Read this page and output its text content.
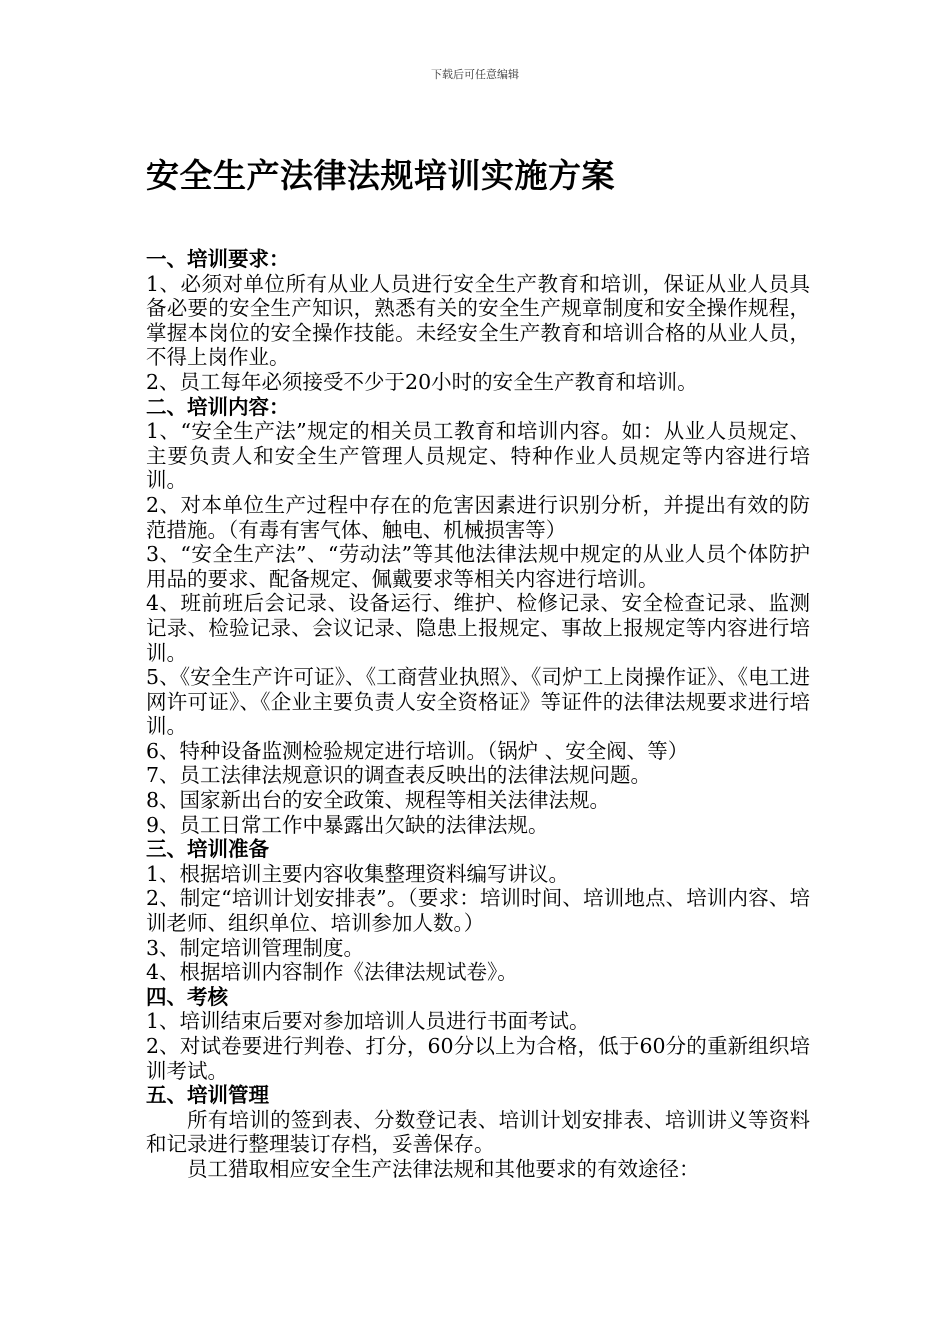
下载后可任意编辑
安全生产法律法规培训实施方案

一、培训要求：

1、必须对单位所有从业人员进行安全生产教育和培训，保证从业人员具备必要的安全生产知识，熟悉有关的安全生产规章制度和安全操作规程，掌握本岗位的安全操作技能。未经安全生产教育和培训合格的从业人员，不得上岗作业。

2、员工每年必须接受不少于20小时的安全生产教育和培训。

二、培训内容：

1、“安全生产法”规定的相关员工教育和培训内容。如：从业人员规定、主要负责人和安全生产管理人员规定、特种作业人员规定等内容进行培训。

2、对本单位生产过程中存在的危害因素进行识别分析，并提出有效的防范措施。（有毒有害气体、触电、机械损害等）

3、“安全生产法”、“劳动法”等其他法律法规中规定的从业人员个体防护用品的要求、配备规定、佩戴要求等相关内容进行培训。

4、班前班后会记录、设备运行、维护、检修记录、安全检查记录、监测记录、检验记录、会议记录、隐患上报规定、事故上报规定等内容进行培训。

5、《安全生产许可证》、《工商营业执照》、《司炉工上岗操作证》、《电工进网许可证》、《企业主要负责人安全资格证》等证件的法律法规要求进行培训。

6、特种设备监测检验规定进行培训。（锅炉 、安全阀、等）

7、员工法律法规意识的调查表反映出的法律法规问题。

8、国家新出台的安全政策、规程等相关法律法规。

9、员工日常工作中暴露出欠缺的法律法规。

三、培训准备

1、根据培训主要内容收集整理资料编写讲议。

2、制定“培训计划安排表”。（要求：培训时间、培训地点、培训内容、培训老师、组织单位、培训参加人数。）

3、制定培训管理制度。

4、根据培训内容制作《法律法规试卷》。

四、考核

1、培训结束后要对参加培训人员进行书面考试。

2、对试卷要进行判卷、打分，60分以上为合格，低于60分的重新组织培训考试。

五、培训管理

所有培训的签到表、分数登记表、培训计划安排表、培训讲义等资料和记录进行整理装订存档，妥善保存。

员工猎取相应安全生产法律法规和其他要求的有效途径：
